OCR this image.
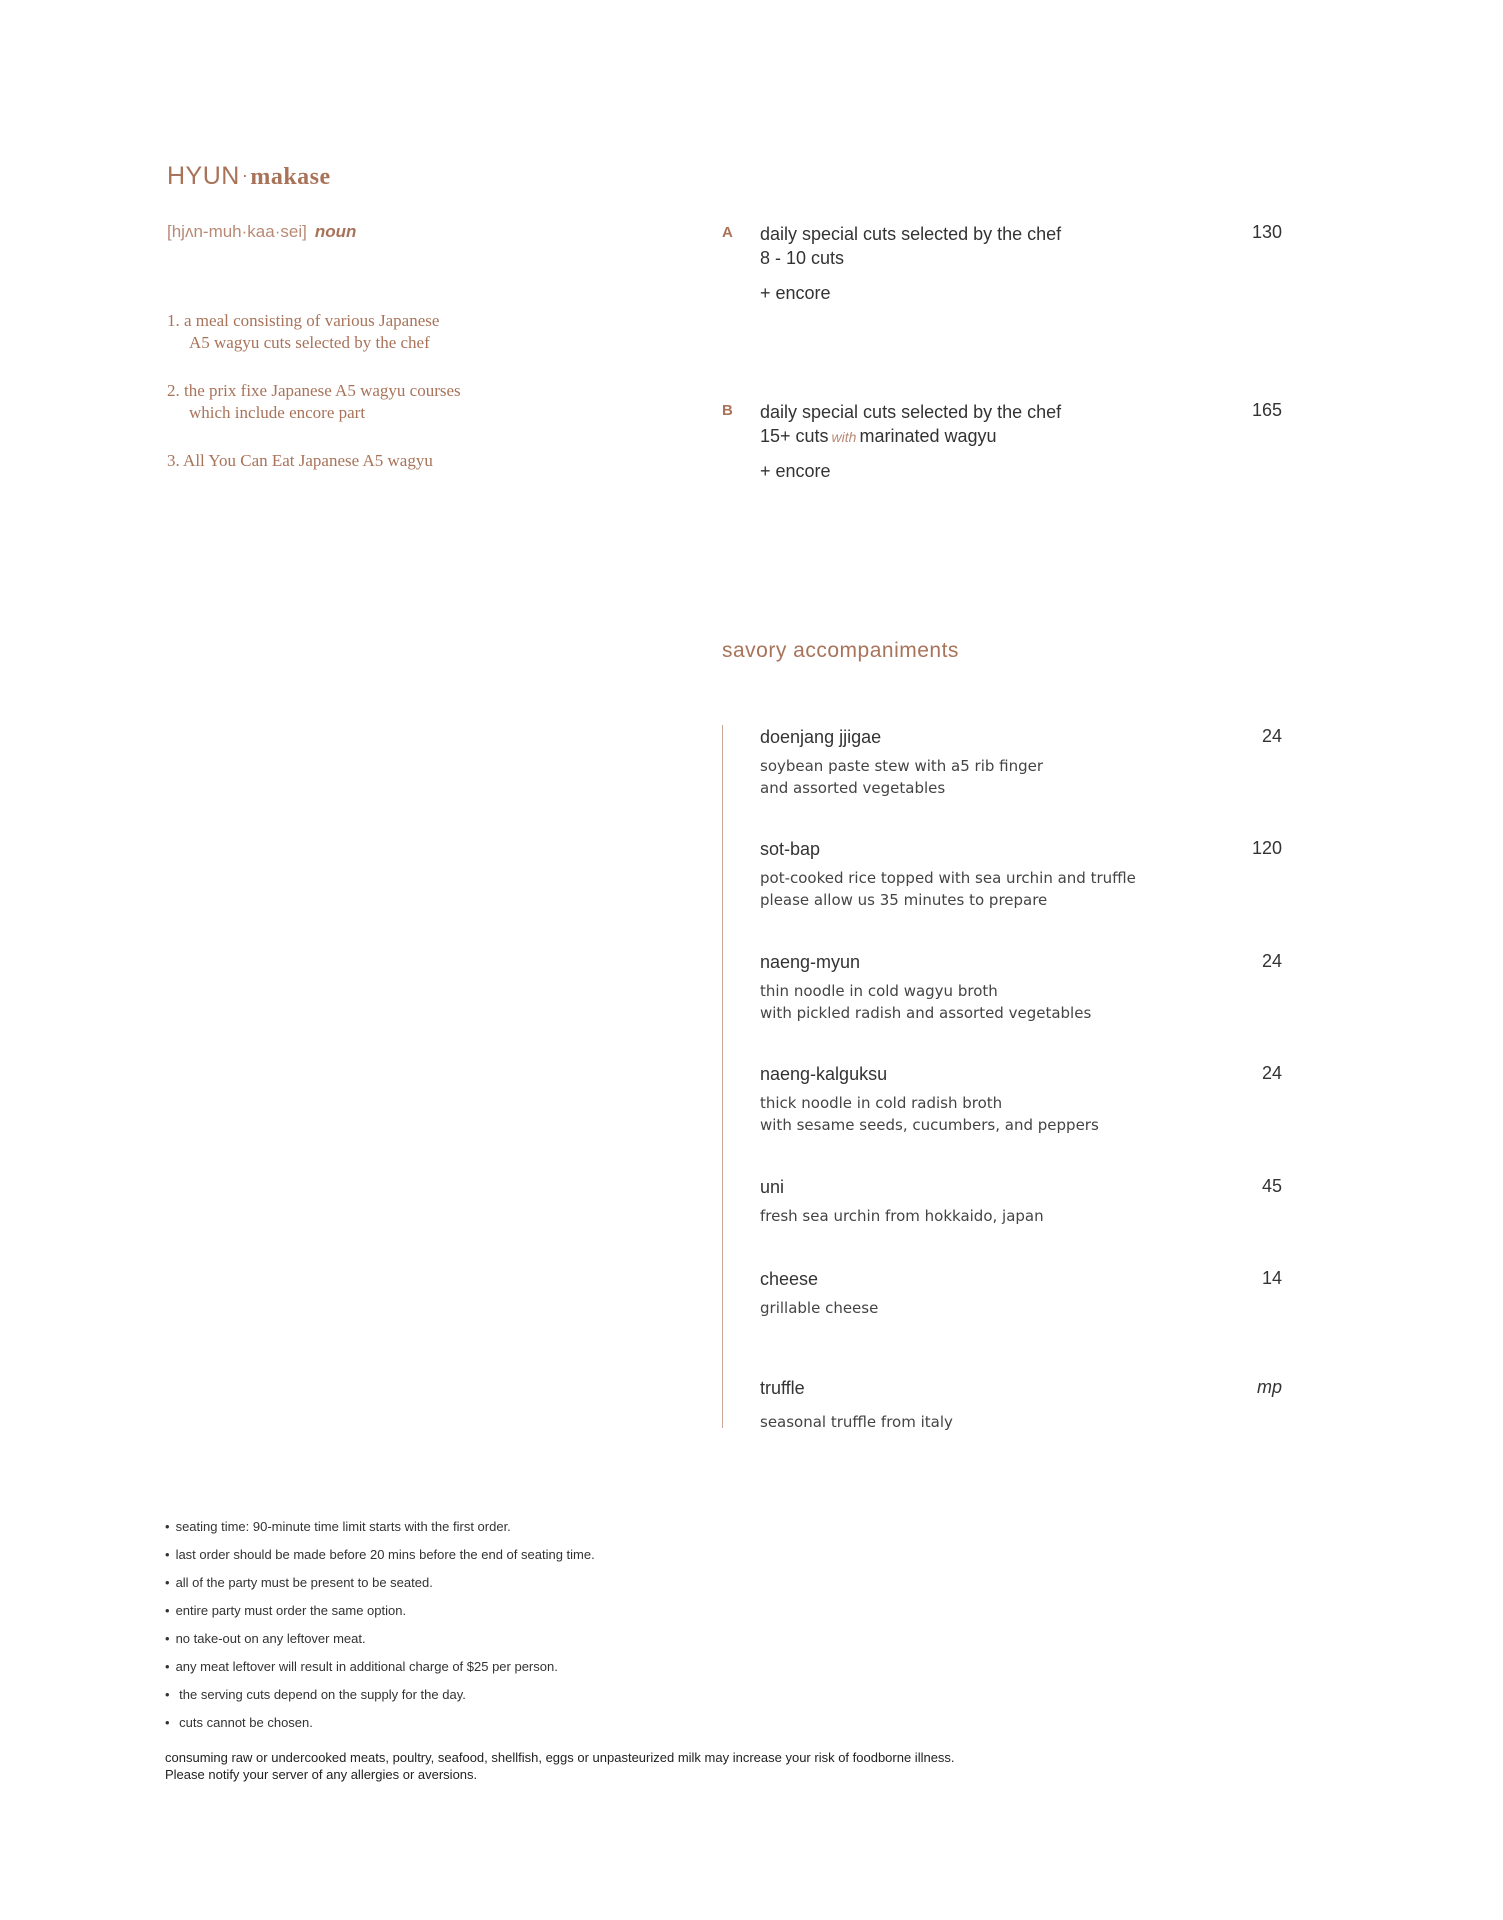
HYUN ·makase
[hjʌn-muh·kaa·sei] noun
1. a meal consisting of various Japanese
A5 wagyu cuts selected by the chef
2. the prix fixe Japanese A5 wagyu courses
which include encore part
3. All You Can Eat Japanese A5 wagyu
A daily special cuts selected by the chef
8 - 10 cuts
+ encore
130
B daily special cuts selected by the chef
15+ cuts with marinated wagyu
+ encore
165
savory accompaniments
doenjang jjigae	24
soybean paste stew with a5 rib finger
and assorted vegetables
sot-bap	120
pot-cooked rice topped with sea urchin and truffle
please allow us 35 minutes to prepare
naeng-myun	24
thin noodle in cold wagyu broth
with pickled radish and assorted vegetables
naeng-kalguksu	24
thick noodle in cold radish broth
with sesame seeds, cucumbers, and peppers
uni	45
fresh sea urchin from hokkaido, japan
cheese	14
grillable cheese
truffle	mp
seasonal truffle from italy
• seating time: 90-minute time limit starts with the first order.
• last order should be made before 20 mins before the end of seating time.
• all of the party must be present to be seated.
• entire party must order the same option.
• no take-out on any leftover meat.
• any meat leftover will result in additional charge of $25 per person.
• the serving cuts depend on the supply for the day.
• cuts cannot be chosen.
consuming raw or undercooked meats, poultry, seafood, shellfish, eggs or unpasteurized milk may increase your risk of foodborne illness.
Please notify your server of any allergies or aversions.
